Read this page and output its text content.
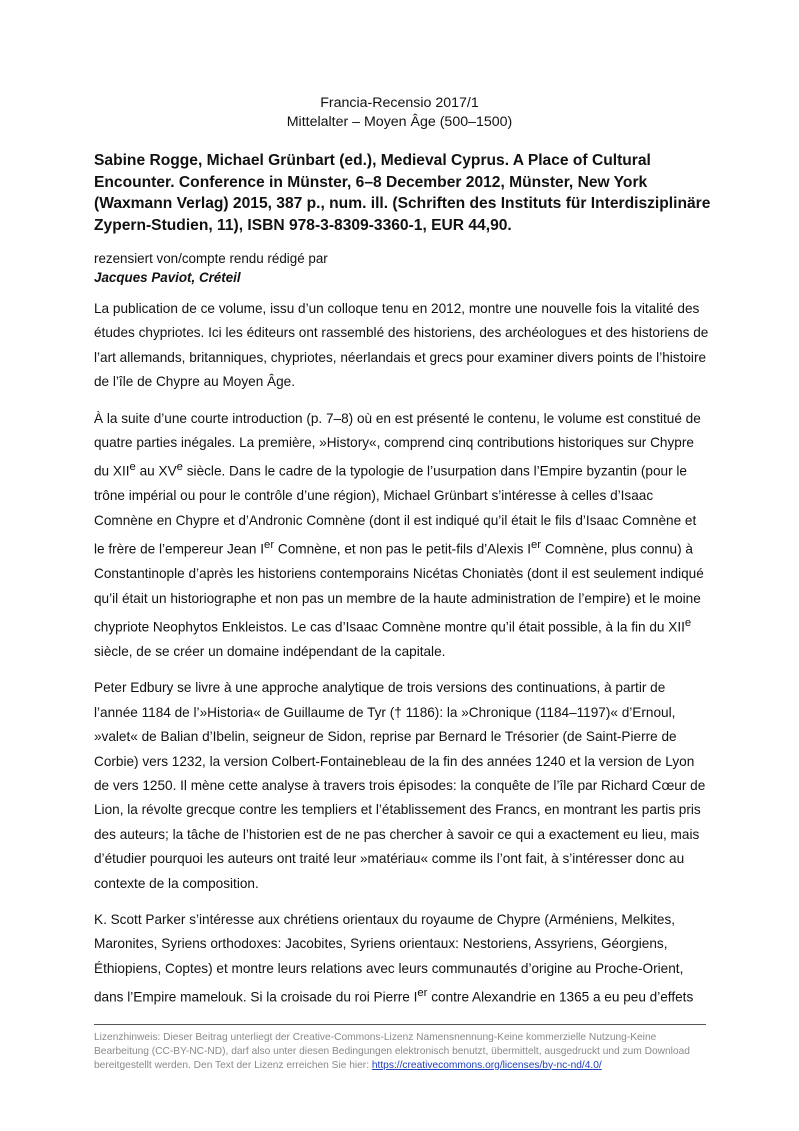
Francia-Recensio 2017/1
Mittelalter – Moyen Âge (500–1500)
Sabine Rogge, Michael Grünbart (ed.), Medieval Cyprus. A Place of Cultural Encounter. Conference in Münster, 6–8 December 2012, Münster, New York (Waxmann Verlag) 2015, 387 p., num. ill. (Schriften des Instituts für Interdisziplinäre Zypern-Studien, 11), ISBN 978-3-8309-3360-1, EUR 44,90.
rezensiert von/compte rendu rédigé par
Jacques Paviot, Créteil

La publication de ce volume, issu d’un colloque tenu en 2012, montre une nouvelle fois la vitalité des études chypriotes. Ici les éditeurs ont rassemblé des historiens, des archéologues et des historiens de l’art allemands, britanniques, chypriotes, néerlandais et grecs pour examiner divers points de l’histoire de l’île de Chypre au Moyen Âge.

À la suite d’une courte introduction (p. 7–8) où en est présenté le contenu, le volume est constitué de quatre parties inégales. La première, »History«, comprend cinq contributions historiques sur Chypre du XIIe au XVe siècle. Dans le cadre de la typologie de l’usurpation dans l’Empire byzantin (pour le trône impérial ou pour le contrôle d’une région), Michael Grünbart s’intéresse à celles d’Isaac Comnène en Chypre et d’Andronic Comnène (dont il est indiqué qu’il était le fils d’Isaac Comnène et le frère de l’empereur Jean Ier Comnène, et non pas le petit-fils d’Alexis Ier Comnène, plus connu) à Constantinople d’après les historiens contemporains Nicétas Choniatès (dont il est seulement indiqué qu’il était un historiographe et non pas un membre de la haute administration de l’empire) et le moine chypriote Neophytos Enkleistos. Le cas d’Isaac Comnène montre qu’il était possible, à la fin du XIIe siècle, de se créer un domaine indépendant de la capitale.

Peter Edbury se livre à une approche analytique de trois versions des continuations, à partir de l’année 1184 de l’»Historia« de Guillaume de Tyr († 1186): la »Chronique (1184–1197)« d’Ernoul, »valet« de Balian d’Ibelin, seigneur de Sidon, reprise par Bernard le Trésorier (de Saint-Pierre de Corbie) vers 1232, la version Colbert-Fontainebleau de la fin des années 1240 et la version de Lyon de vers 1250. Il mène cette analyse à travers trois épisodes: la conquête de l’île par Richard Cœur de Lion, la révolte grecque contre les templiers et l’établissement des Francs, en montrant les partis pris des auteurs; la tâche de l’historien est de ne pas chercher à savoir ce qui a exactement eu lieu, mais d’étudier pourquoi les auteurs ont traité leur »matériau« comme ils l’ont fait, à s’intéresser donc au contexte de la composition.

K. Scott Parker s’intéresse aux chrétiens orientaux du royaume de Chypre (Arméniens, Melkites, Maronites, Syriens orthodoxes: Jacobites, Syriens orientaux: Nestoriens, Assyriens, Géorgiens, Éthiopiens, Coptes) et montre leurs relations avec leurs communautés d’origine au Proche-Orient, dans l’Empire mamelouk. Si la croisade du roi Pierre Ier contre Alexandrie en 1365 a eu peu d’effets

Lizenzhinweis: Dieser Beitrag unterliegt der Creative-Commons-Lizenz Namensnennung-Keine kommerzielle Nutzung-Keine Bearbeitung (CC-BY-NC-ND), darf also unter diesen Bedingungen elektronisch benutzt, übermittelt, ausgedruckt und zum Download bereitgestellt werden. Den Text der Lizenz erreichen Sie hier: https://creativecommons.org/licenses/by-nc-nd/4.0/
